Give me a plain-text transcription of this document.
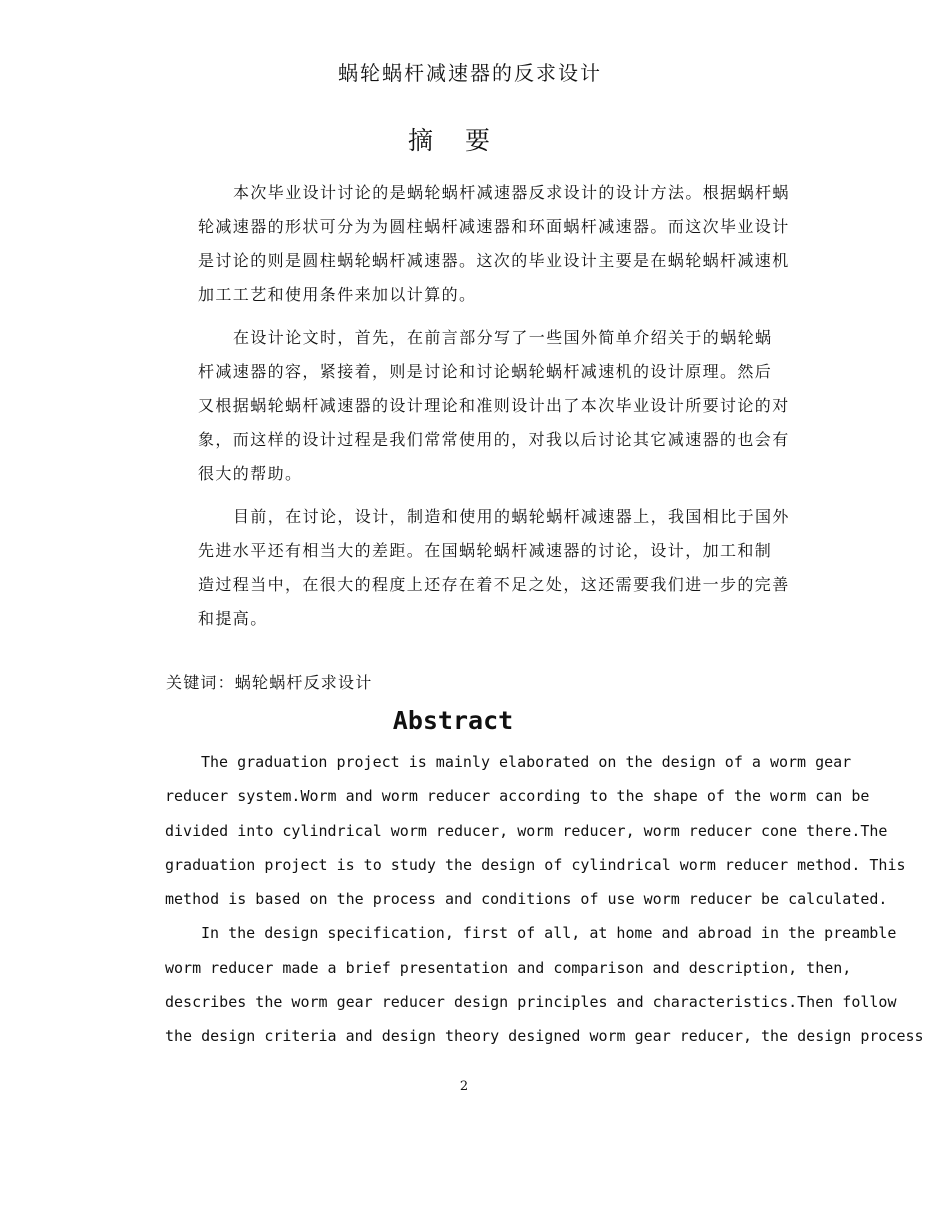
蜗轮蜗杆减速器的反求设计
摘 要

本次毕业设计讨论的是蜗轮蜗杆减速器反求设计的设计方法。根据蜗杆蜗
轮减速器的形状可分为为圆柱蜗杆减速器和环面蜗杆减速器。而这次毕业设计
是讨论的则是圆柱蜗轮蜗杆减速器。这次的毕业设计主要是在蜗轮蜗杆减速机
加工工艺和使用条件来加以计算的。

在设计论文时，首先，在前言部分写了一些国外简单介绍关于的蜗轮蜗
杆减速器的容，紧接着，则是讨论和讨论蜗轮蜗杆减速机的设计原理。然后
又根据蜗轮蜗杆减速器的设计理论和准则设计出了本次毕业设计所要讨论的对
象，而这样的设计过程是我们常常使用的，对我以后讨论其它减速器的也会有
很大的帮助。

目前，在讨论，设计，制造和使用的蜗轮蜗杆减速器上，我国相比于国外
先进水平还有相当大的差距。在国蜗轮蜗杆减速器的讨论，设计，加工和制
造过程当中，在很大的程度上还存在着不足之处，这还需要我们进一步的完善
和提高。

关键词：蜗轮蜗杆反求设计
Abstract
The graduation project is mainly elaborated on the design of a worm gear
reducer system.Worm and worm reducer according to the shape of the worm can be
divided into cylindrical worm reducer, worm reducer, worm reducer cone there.The
graduation project is to study the design of cylindrical worm reducer method. This
method is based on the process and conditions of use worm reducer be calculated.
In the design specification, first of all, at home and abroad in the preamble
worm reducer made a brief presentation and comparison and description, then,
describes the worm gear reducer design principles and characteristics.Then follow
the design criteria and design theory designed worm gear reducer, the design process
2
